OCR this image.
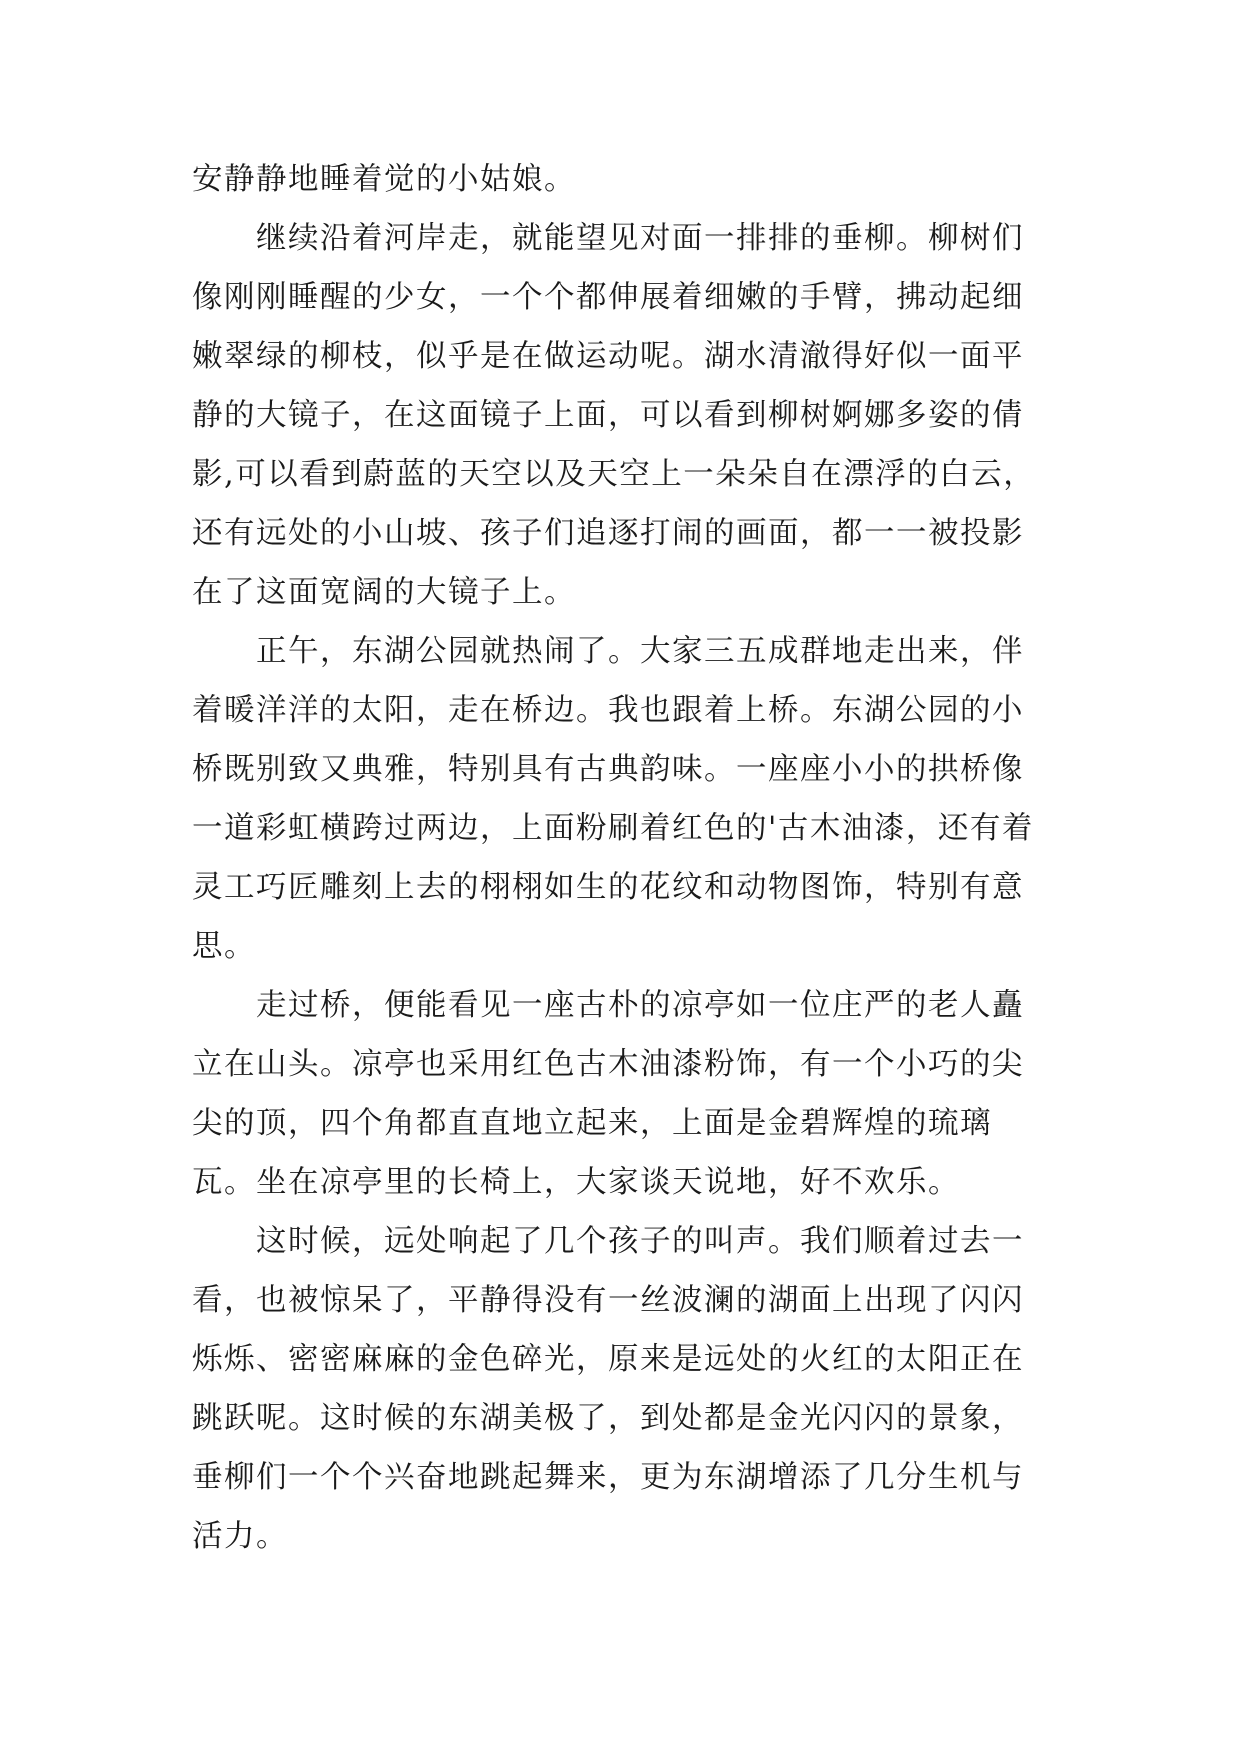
安静静地睡着觉的小姑娘。

继续沿着河岸走，就能望见对面一排排的垂柳。柳树们像刚刚睡醒的少女，一个个都伸展着细嫩的手臂，拂动起细嫩翠绿的柳枝，似乎是在做运动呢。湖水清澈得好似一面平静的大镜子，在这面镜子上面，可以看到柳树婀娜多姿的倩影,可以看到蔚蓝的天空以及天空上一朵朵自在漂浮的白云，还有远处的小山坡、孩子们追逐打闹的画面，都一一被投影在了这面宽阔的大镜子上。

正午，东湖公园就热闹了。大家三五成群地走出来，伴着暖洋洋的太阳，走在桥边。我也跟着上桥。东湖公园的小桥既别致又典雅，特别具有古典韵味。一座座小小的拱桥像一道彩虹横跨过两边，上面粉刷着红色的'古木油漆，还有着灵工巧匠雕刻上去的栩栩如生的花纹和动物图饰，特别有意思。

走过桥，便能看见一座古朴的凉亭如一位庄严的老人矗立在山头。凉亭也采用红色古木油漆粉饰，有一个小巧的尖尖的顶，四个角都直直地立起来，上面是金碧辉煌的琉璃瓦。坐在凉亭里的长椅上，大家谈天说地，好不欢乐。

这时候，远处响起了几个孩子的叫声。我们顺着过去一看，也被惊呆了，平静得没有一丝波澜的湖面上出现了闪闪烁烁、密密麻麻的金色碎光，原来是远处的火红的太阳正在跳跃呢。这时候的东湖美极了，到处都是金光闪闪的景象，垂柳们一个个兴奋地跳起舞来，更为东湖增添了几分生机与活力。
